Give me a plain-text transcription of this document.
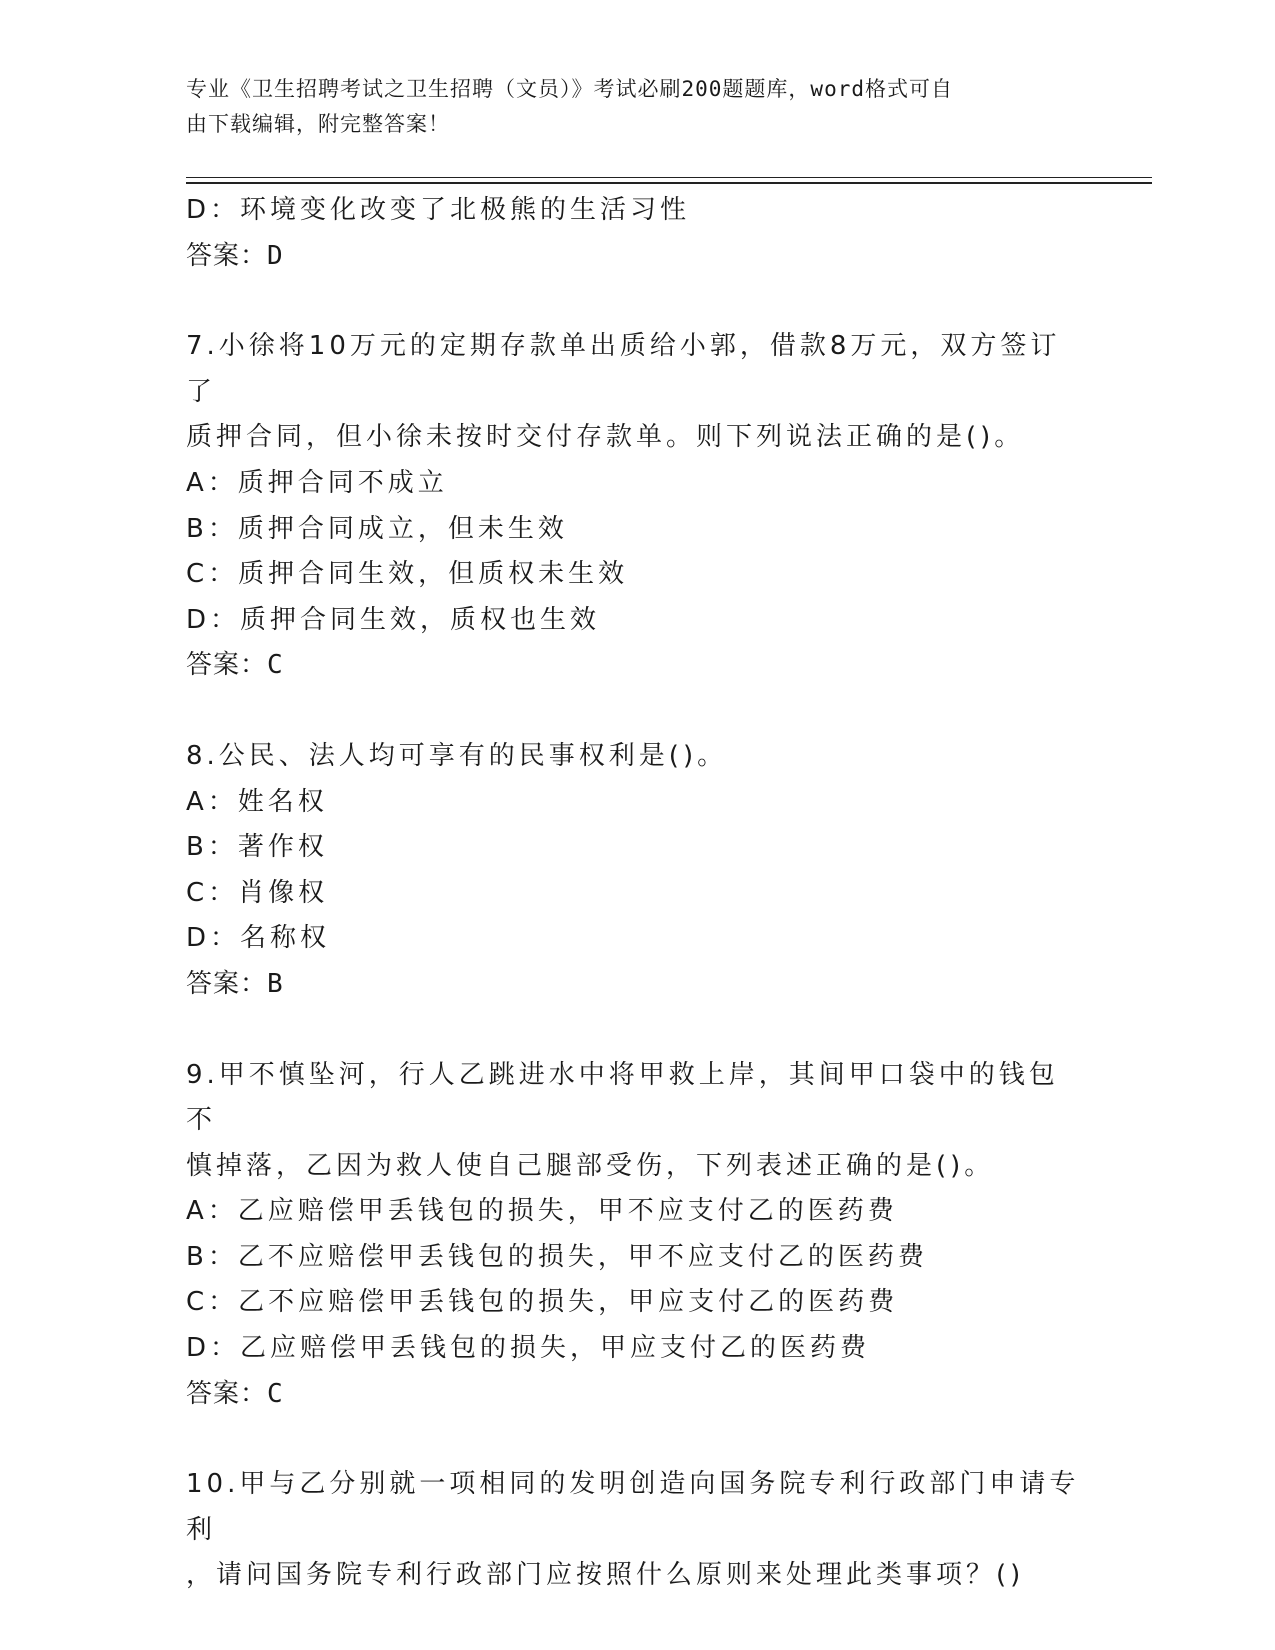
专业《卫生招聘考试之卫生招聘（文员）》考试必刷200题题库，word格式可自
由下载编辑，附完整答案！
D：环境变化改变了北极熊的生活习性
答案：D
7.小徐将10万元的定期存款单出质给小郭，借款8万元，双方签订了
质押合同，但小徐未按时交付存款单。则下列说法正确的是()。
A：质押合同不成立
B：质押合同成立，但未生效
C：质押合同生效，但质权未生效
D：质押合同生效，质权也生效
答案：C
8.公民、法人均可享有的民事权利是()。
A：姓名权
B：著作权
C：肖像权
D：名称权
答案：B
9.甲不慎坠河，行人乙跳进水中将甲救上岸，其间甲口袋中的钱包不
慎掉落，乙因为救人使自己腿部受伤，下列表述正确的是()。
A：乙应赔偿甲丢钱包的损失，甲不应支付乙的医药费
B：乙不应赔偿甲丢钱包的损失，甲不应支付乙的医药费
C：乙不应赔偿甲丢钱包的损失，甲应支付乙的医药费
D：乙应赔偿甲丢钱包的损失，甲应支付乙的医药费
答案：C
10.甲与乙分别就一项相同的发明创造向国务院专利行政部门申请专利
，请问国务院专利行政部门应按照什么原则来处理此类事项？()
